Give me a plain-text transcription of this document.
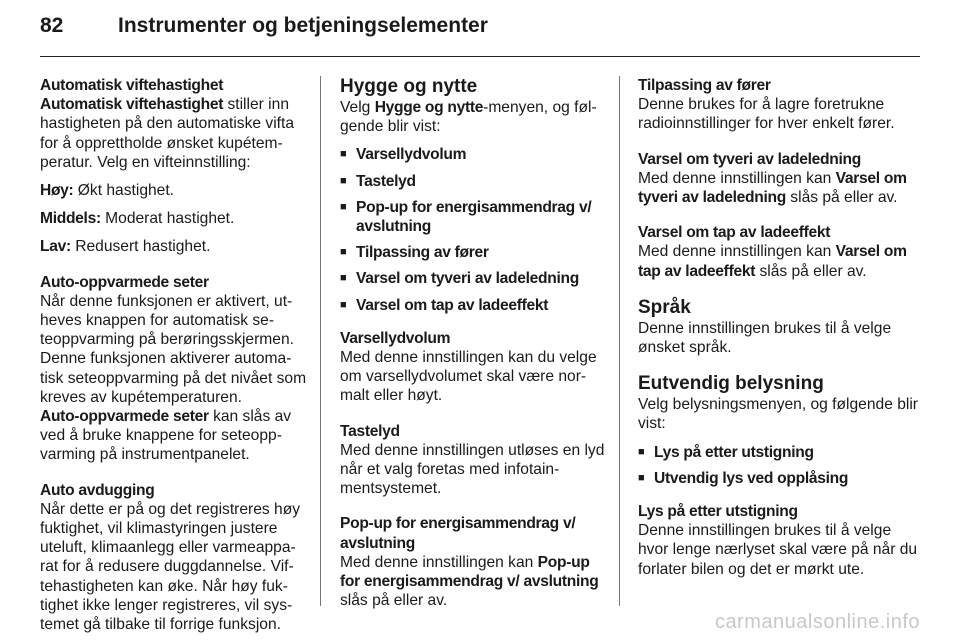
82	Instrumenter og betjeningselementer

Automatisk viftehastighet

Automatisk viftehastighet stiller inn hastigheten på den automatiske vifta for å opprettholde ønsket kupétemperatur. Velg en vifteinnstilling:

Høy: Økt hastighet.

Middels: Moderat hastighet.

Lav: Redusert hastighet.

Auto-oppvarmede seter

Når denne funksjonen er aktivert, utheves knappen for automatisk seteoppvarming på berøringsskjermen. Denne funksjonen aktiverer automatisk seteoppvarming på det nivået som kreves av kupétemperaturen.

Auto-oppvarmede seter kan slås av ved å bruke knappene for seteoppvarming på instrumentpanelet.

Auto avdugging

Når dette er på og det registreres høy fuktighet, vil klimastyringen justere uteluft, klimaanlegg eller varmeapparat for å redusere duggdannelse. Viftehastigheten kan øke. Når høy fuktighet ikke lenger registreres, vil systemet gå tilbake til forrige funksjon.

Hygge og nytte

Velg Hygge og nytte-menyen, og følgende blir vist:

■ Varsellydvolum
■ Tastelyd
■ Pop-up for energisammendrag v/ avslutning
■ Tilpassing av fører
■ Varsel om tyveri av ladeledning
■ Varsel om tap av ladeeffekt

Varsellydvolum

Med denne innstillingen kan du velge om varsellydvolumet skal være normalt eller høyt.

Tastelyd

Med denne innstillingen utløses en lyd når et valg foretas med infotainmentsystemet.

Pop-up for energisammendrag v/ avslutning

Med denne innstillingen kan Pop-up for energisammendrag v/ avslutning slås på eller av.

Tilpassing av fører

Denne brukes for å lagre foretrukne radioinnstillinger for hver enkelt fører.

Varsel om tyveri av ladeledning

Med denne innstillingen kan Varsel om tyveri av ladeledning slås på eller av.

Varsel om tap av ladeeffekt

Med denne innstillingen kan Varsel om tap av ladeeffekt slås på eller av.

Språk

Denne innstillingen brukes til å velge ønsket språk.

Eutvendig belysning

Velg belysningsmenyen, og følgende blir vist:

■ Lys på etter utstigning
■ Utvendig lys ved opplåsing

Lys på etter utstigning

Denne innstillingen brukes til å velge hvor lenge nærlyset skal være på når du forlater bilen og det er mørkt ute.

carmanualsonline.info
